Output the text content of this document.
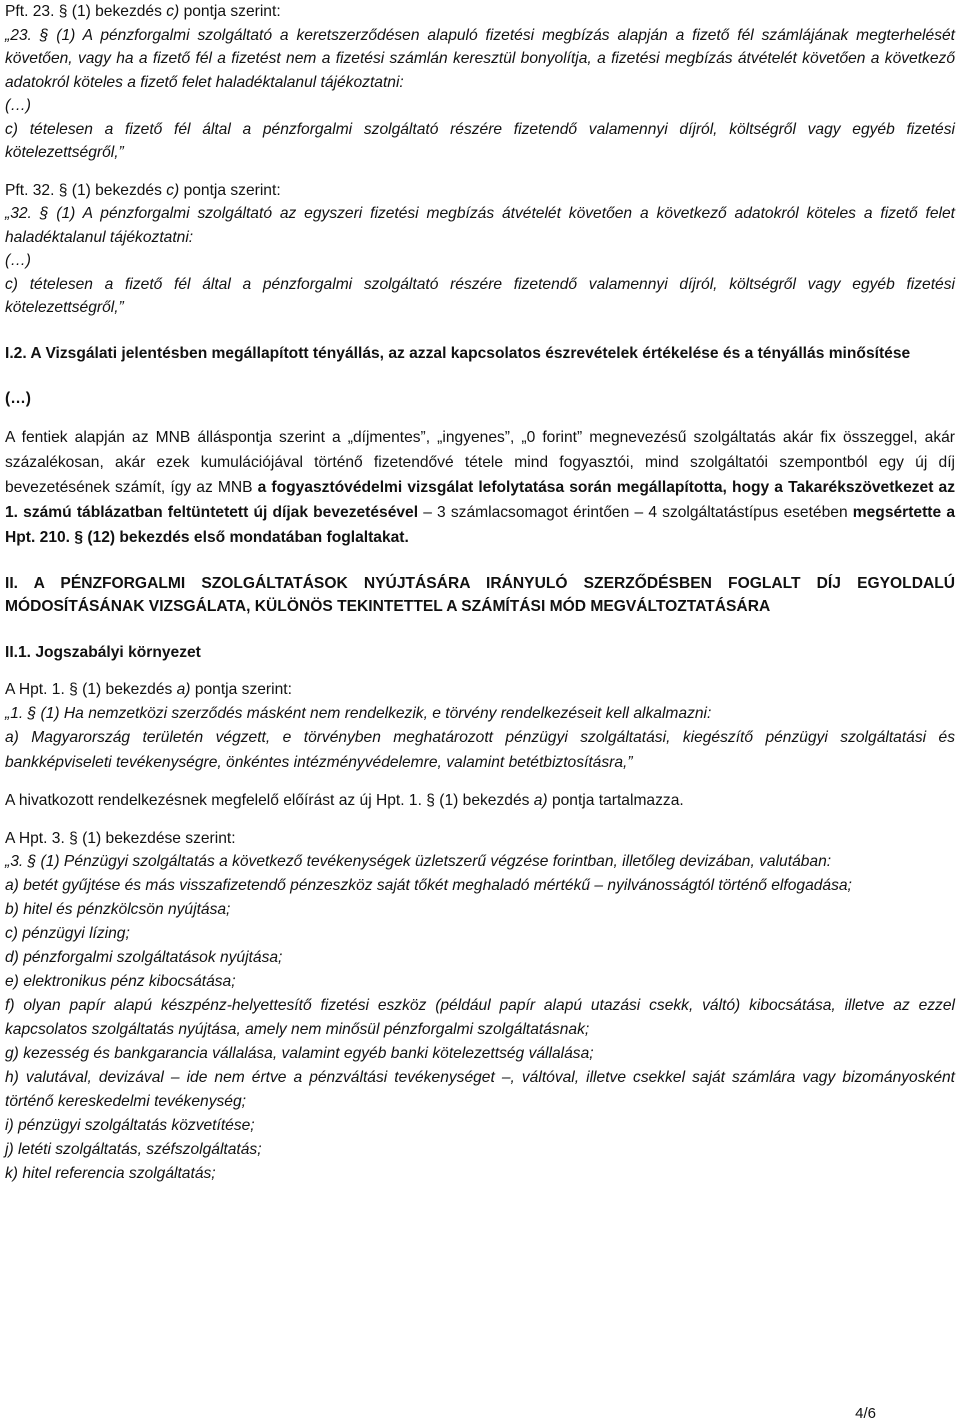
Pft. 23. § (1) bekezdés c) pontja szerint:

„23. § (1) A pénzforgalmi szolgáltató a keretszerződésen alapuló fizetési megbízás alapján a fizető fél számlájának megterhelését követően, vagy ha a fizető fél a fizetést nem a fizetési számlán keresztül bonyolítja, a fizetési megbízás átvételét követően a következő adatokról köteles a fizető felet haladéktalanul tájékoztatni:

(…)

c) tételesen a fizető fél által a pénzforgalmi szolgáltató részére fizetendő valamennyi díjról, költségről vagy egyéb fizetési kötelezettségről,”

Pft. 32. § (1) bekezdés c) pontja szerint:

„32. § (1) A pénzforgalmi szolgáltató az egyszeri fizetési megbízás átvételét követően a következő adatokról köteles a fizető felet haladéktalanul tájékoztatni:

(…)

c) tételesen a fizető fél által a pénzforgalmi szolgáltató részére fizetendő valamennyi díjról, költségről vagy egyéb fizetési kötelezettségről,”

I.2. A Vizsgálati jelentésben megállapított tényállás, az azzal kapcsolatos észrevételek értékelése és a tényállás minősítése

(…)

A fentiek alapján az MNB álláspontja szerint a „díjmentes”, „ingyenes”, „0 forint” megnevezésű szolgáltatás akár fix összeggel, akár százalékosan, akár ezek kumulációjával történő fizetendővé tétele mind fogyasztói, mind szolgáltatói szempontból egy új díj bevezetésének számít, így az MNB a fogyasztóvédelmi vizsgálat lefolytatása során megállapította, hogy a Takarékszövetkezet az 1. számú táblázatban feltüntetett új díjak bevezetésével – 3 számlacsomagot érintően – 4 szolgáltatástípus esetében megsértette a Hpt. 210. § (12) bekezdés első mondatában foglaltakat.

II. A PÉNZFORGALMI SZOLGÁLTATÁSOK NYÚJTÁSÁRA IRÁNYULÓ SZERZŐDÉSBEN FOGLALT DÍJ EGYOLDALÚ MÓDOSÍTÁSÁNAK VIZSGÁLATA, KÜLÖNÖS TEKINTETTEL A SZÁMÍTÁSI MÓD MEGVÁLTOZTATÁSÁRA

II.1. Jogszabályi környezet

A Hpt. 1. § (1) bekezdés a) pontja szerint:

„1. § (1) Ha nemzetközi szerződés másként nem rendelkezik, e törvény rendelkezéseit kell alkalmazni:

a) Magyarország területén végzett, e törvényben meghatározott pénzügyi szolgáltatási, kiegészítő pénzügyi szolgáltatási és bankképviseleti tevékenységre, önkéntes intézményvédelemre, valamint betétbiztosításra,”

A hivatkozott rendelkezésnek megfelelő előírást az új Hpt. 1. § (1) bekezdés a) pontja tartalmazza.

A Hpt. 3. § (1) bekezdése szerint:

„3. § (1) Pénzügyi szolgáltatás a következő tevékenységek üzletszerű végzése forintban, illetőleg devizában, valutában:

a) betét gyűjtése és más visszafizetendő pénzeszköz saját tőkét meghaladó mértékű – nyilvánosságtól történő elfogadása;

b) hitel és pénzkölcsön nyújtása;

c) pénzügyi lízing;

d) pénzforgalmi szolgáltatások nyújtása;

e) elektronikus pénz kibocsátása;

f) olyan papír alapú készpénz-helyettesítő fizetési eszköz (például papír alapú utazási csekk, váltó) kibocsátása, illetve az ezzel kapcsolatos szolgáltatás nyújtása, amely nem minősül pénzforgalmi szolgáltatásnak;

g) kezesség és bankgarancia vállalása, valamint egyéb banki kötelezettség vállalása;

h) valutával, devizával – ide nem értve a pénzváltási tevékenységet –, váltóval, illetve csekkel saját számlára vagy bizományosként történő kereskedelmi tevékenység;

i) pénzügyi szolgáltatás közvetítése;

j) letéti szolgáltatás, széfszolgáltatás;

k) hitel referencia szolgáltatás;

4/6
